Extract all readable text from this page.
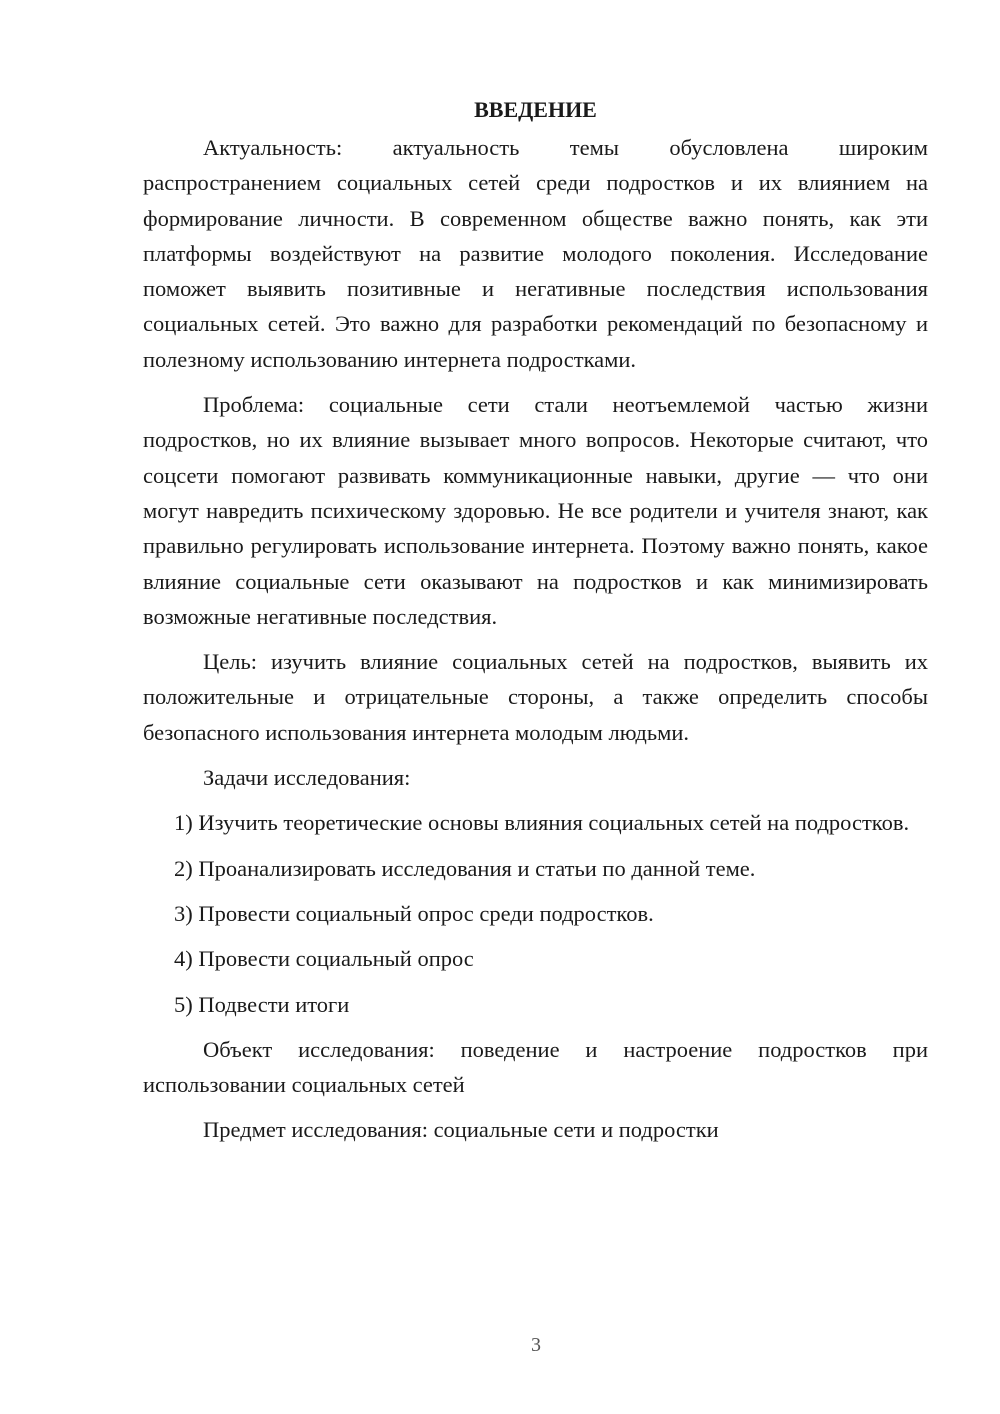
ВВЕДЕНИЕ

Актуальность: актуальность темы обусловлена широким распространением социальных сетей среди подростков и их влиянием на формирование личности. В современном обществе важно понять, как эти платформы воздействуют на развитие молодого поколения. Исследование поможет выявить позитивные и негативные последствия использования социальных сетей. Это важно для разработки рекомендаций по безопасному и полезному использованию интернета подростками.

Проблема: социальные сети стали неотъемлемой частью жизни подростков, но их влияние вызывает много вопросов. Некоторые считают, что соцсети помогают развивать коммуникационные навыки, другие — что они могут навредить психическому здоровью. Не все родители и учителя знают, как правильно регулировать использование интернета. Поэтому важно понять, какое влияние социальные сети оказывают на подростков и как минимизировать возможные негативные последствия.

Цель: изучить влияние социальных сетей на подростков, выявить их положительные и отрицательные стороны, а также определить способы безопасного использования интернета молодым людьми.

Задачи исследования:

1) Изучить теоретические основы влияния социальных сетей на подростков.

2) Проанализировать исследования и статьи по данной теме.

3) Провести социальный опрос среди подростков.

4) Провести социальный опрос

5) Подвести итоги

Объект исследования: поведение и настроение подростков при использовании социальных сетей

Предмет исследования: социальные сети и подростки

3
